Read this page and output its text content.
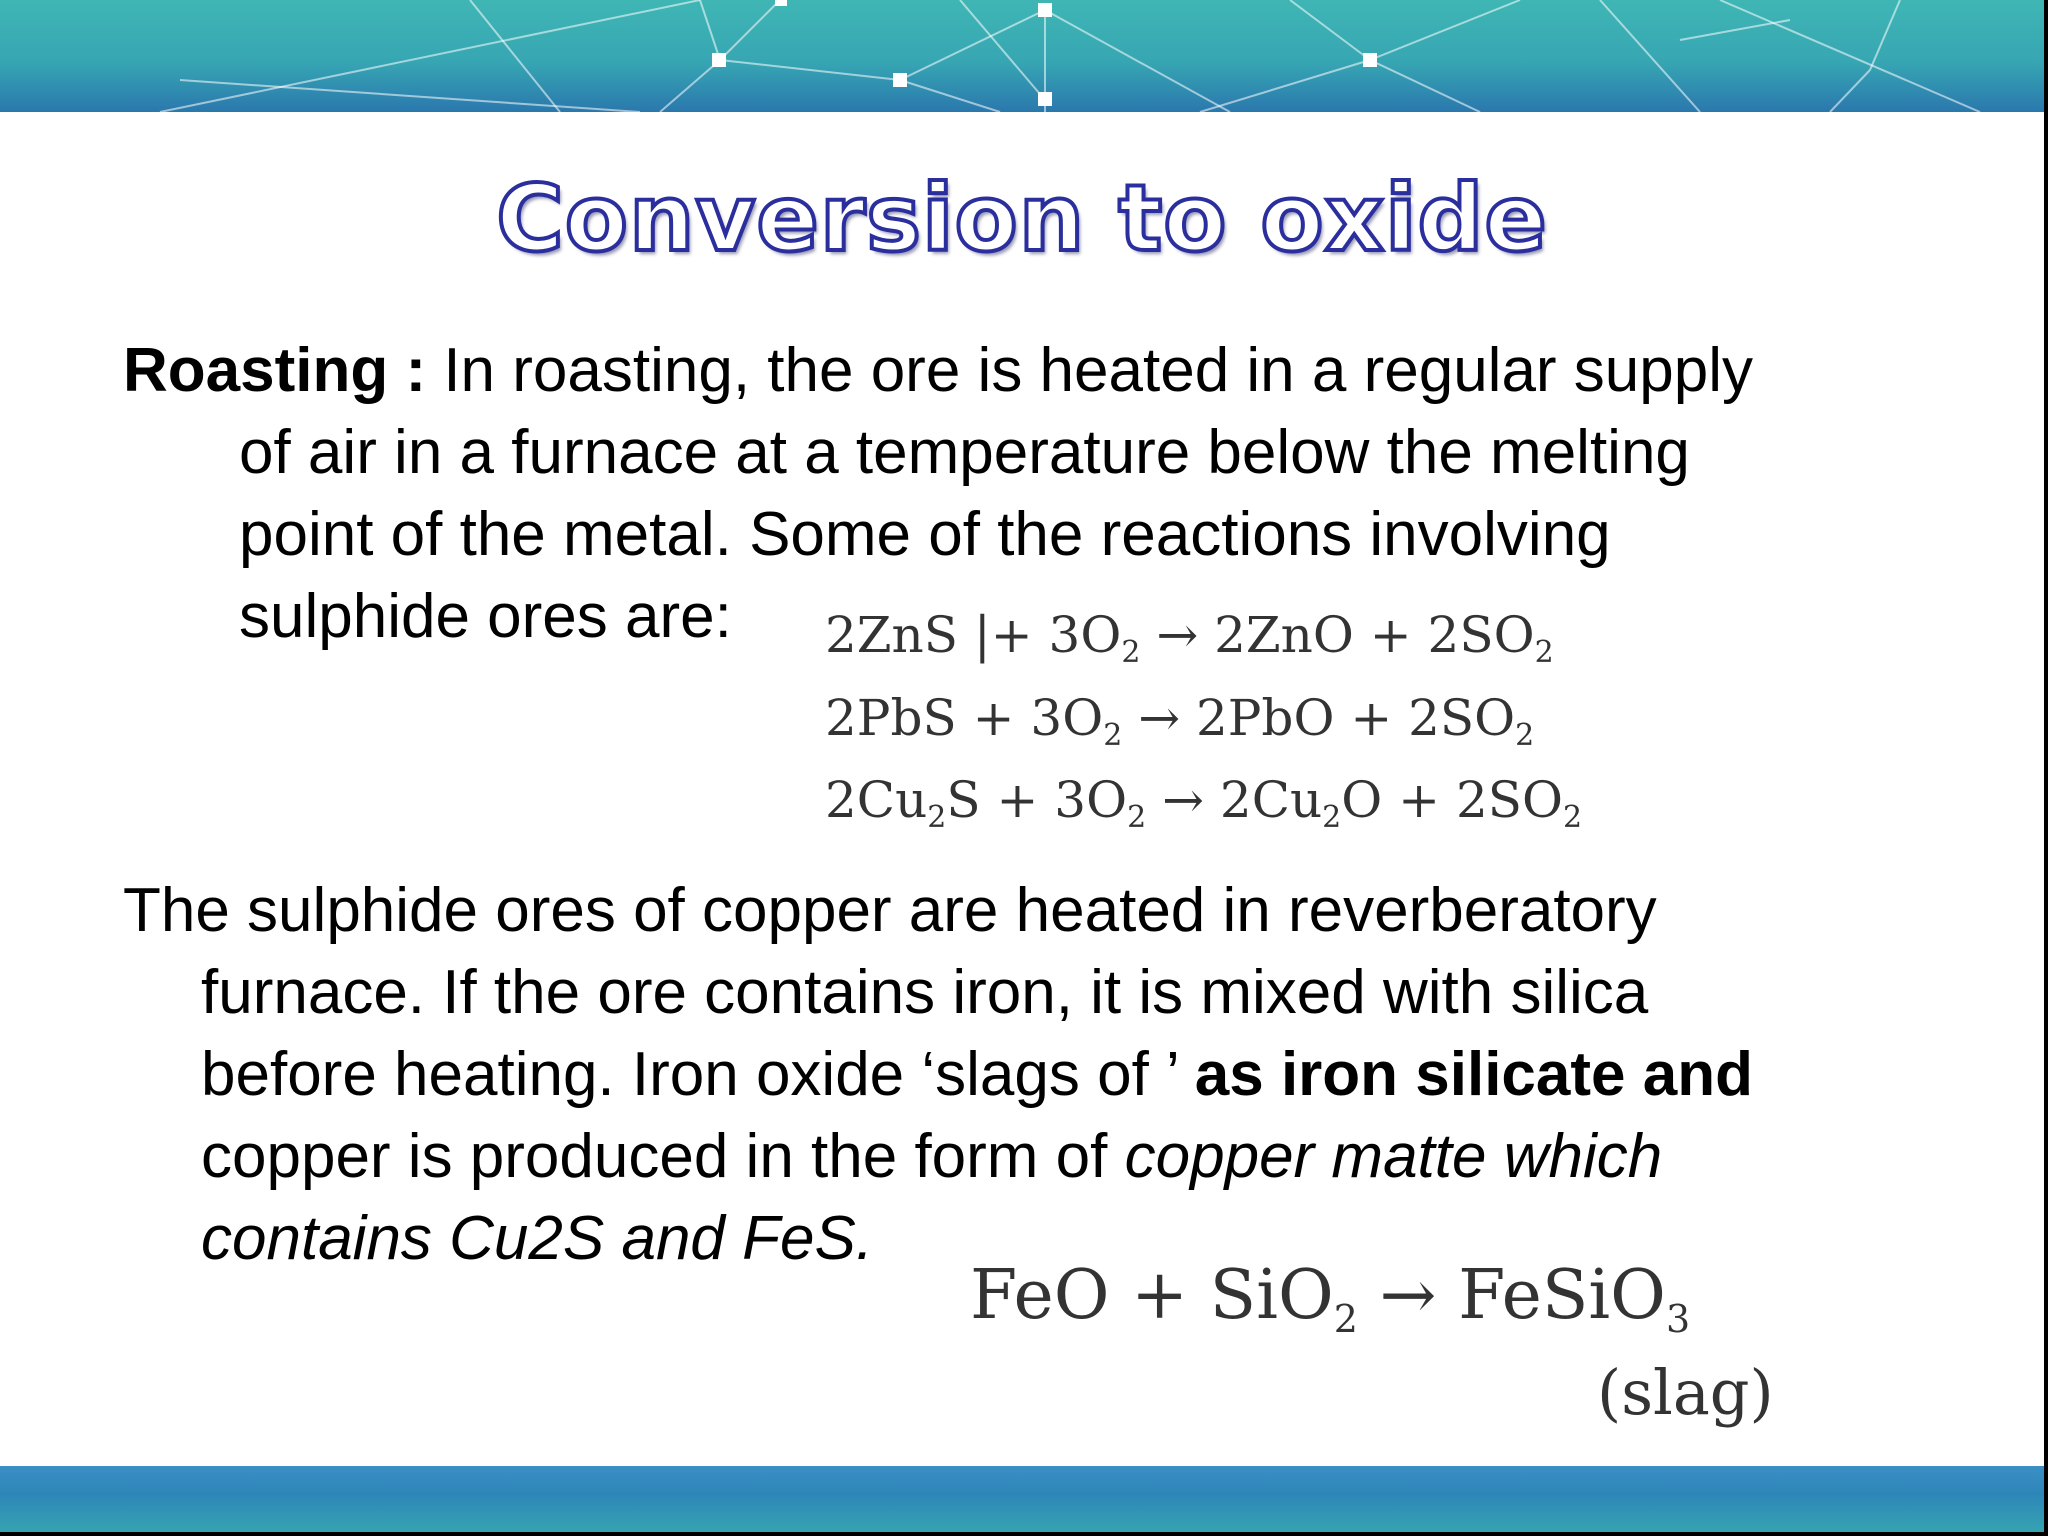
Conversion to oxide
Roasting : In roasting, the ore is heated in a regular supply
of air in a furnace at a temperature below the melting
point of the metal. Some of the reactions involving
sulphide ores are:	2ZnS |+ $3O_2 \to 2ZnO + 2SO_2$
$2PbS + 3O_2 \to 2PbO + 2SO_2$
$2Cu_2S + 3O_2 \to 2Cu_2O + 2SO_2$
The sulphide ores of copper are heated in reverberatory
furnace. If the ore contains iron, it is mixed with silica
before heating. Iron oxide ‘slags of ’ as iron silicate and
copper is produced in the form of copper matte which
contains Cu2S and FeS.
FeO + SiO$_2$ → FeSiO$_3$
(slag)
